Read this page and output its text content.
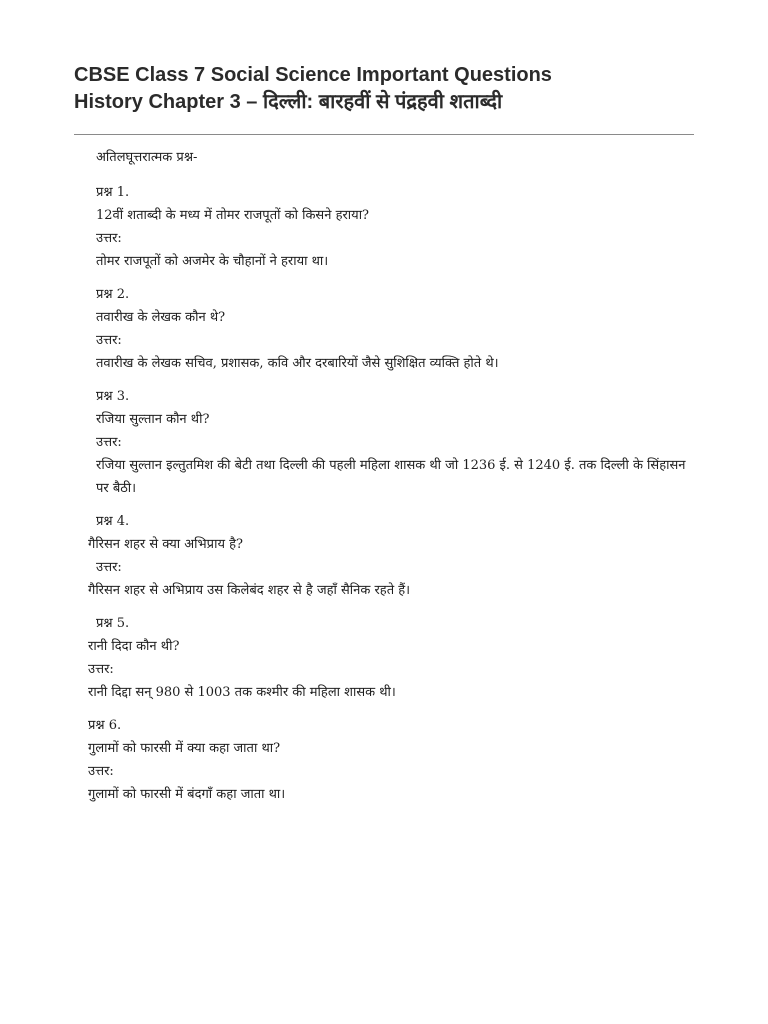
CBSE Class 7 Social Science Important Questions
History Chapter 3 – दिल्ली: बारहवीं से पंद्रहवी शताब्दी
अतिलघूत्तरात्मक प्रश्न-
प्रश्न 1.
12वीं शताब्दी के मध्य में तोमर राजपूतों को किसने हराया?
उत्तर:
तोमर राजपूतों को अजमेर के चौहानों ने हराया था।
प्रश्न 2.
तवारीख के लेखक कौन थे?
उत्तर:
तवारीख के लेखक सचिव, प्रशासक, कवि और दरबारियों जैसे सुशिक्षित व्यक्ति होते थे।
प्रश्न 3.
रजिया सुल्तान कौन थी?
उत्तर:
रजिया सुल्तान इल्तुतमिश की बेटी तथा दिल्ली की पहली महिला शासक थी जो 1236 ई. से 1240 ई. तक दिल्ली के सिंहासन पर बैठी।
प्रश्न 4.
गैरिसन शहर से क्या अभिप्राय है?
उत्तर:
गैरिसन शहर से अभिप्राय उस किलेबंद शहर से है जहाँ सैनिक रहते हैं।
प्रश्न 5.
रानी दिदा कौन थी?
उत्तर:
रानी दिद्दा सन् 980 से 1003 तक कश्मीर की महिला शासक थी।
प्रश्न 6.
गुलामों को फारसी में क्या कहा जाता था?
उत्तर:
गुलामों को फारसी में बंदगाँ कहा जाता था।
